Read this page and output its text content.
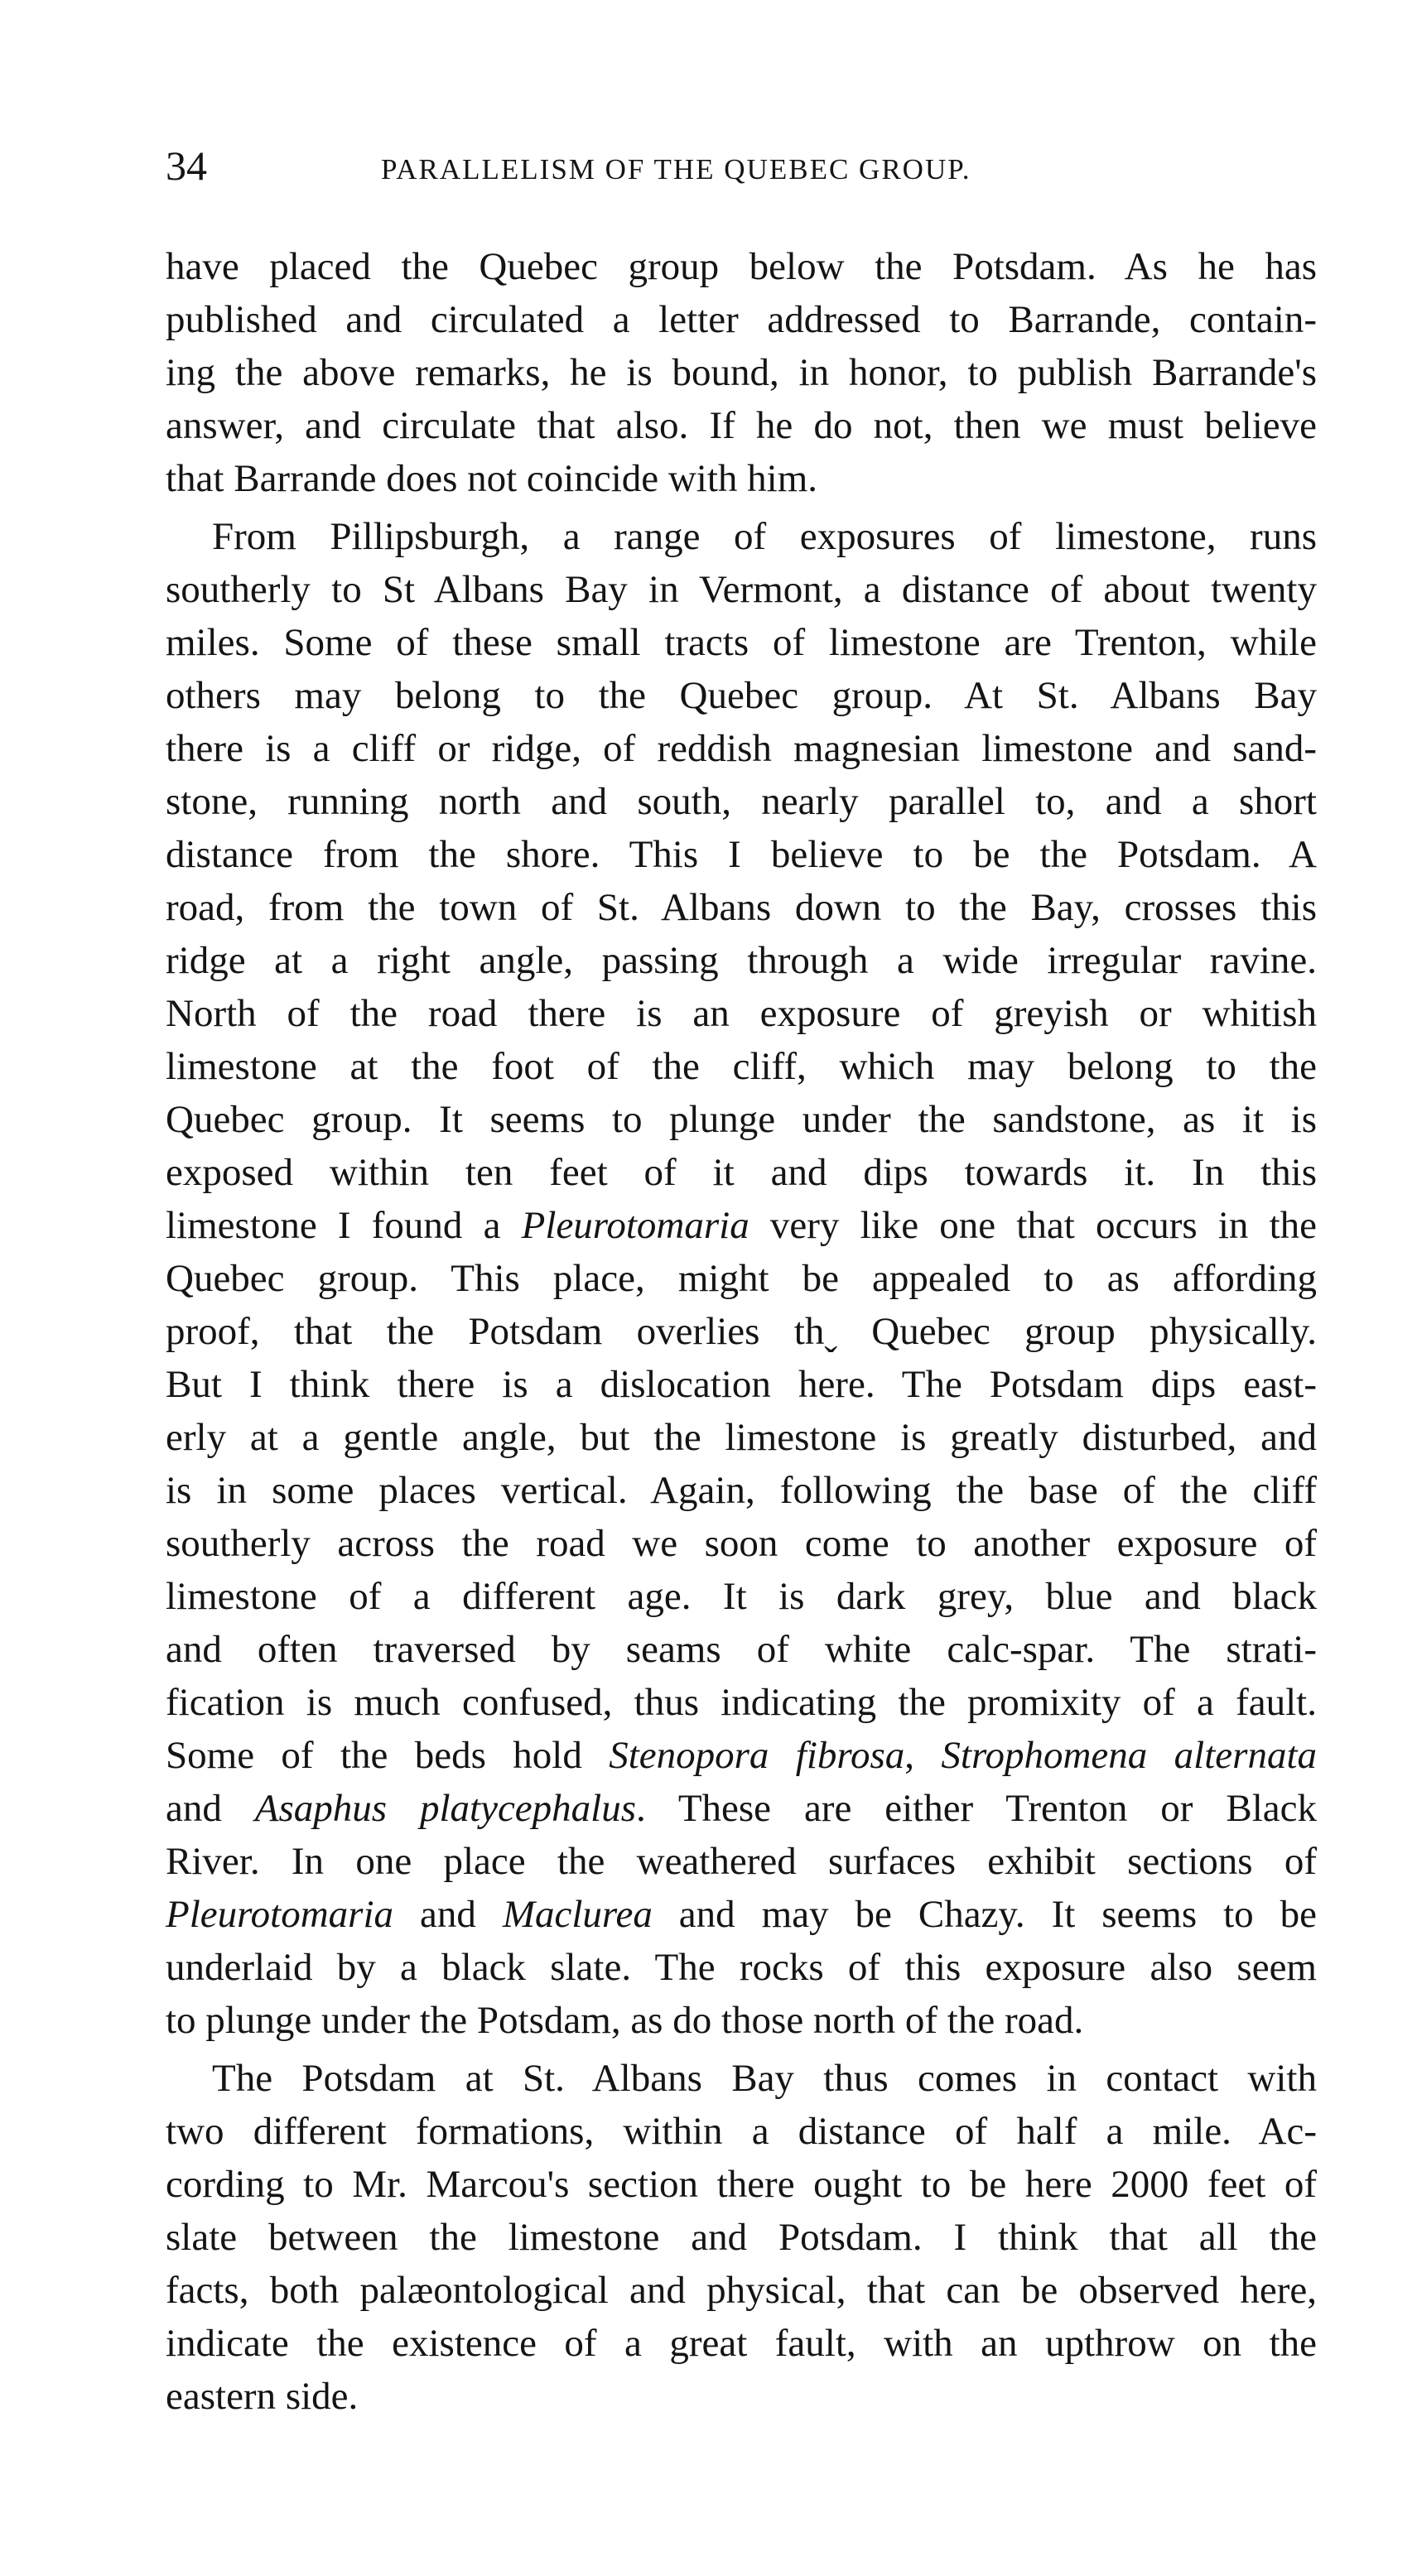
34	PARALLELISM OF THE QUEBEC GROUP.
have placed the Quebec group below the Potsdam. As he has
published and circulated a letter addressed to Barrande, contain-
ing the above remarks, he is bound, in honor, to publish Barrande's
answer, and circulate that also. If he do not, then we must believe
that Barrande does not coincide with him.
From Pillipsburgh, a range of exposures of limestone, runs
southerly to St Albans Bay in Vermont, a distance of about twenty
miles. Some of these small tracts of limestone are Trenton, while
others may belong to the Quebec group. At St. Albans Bay
there is a cliff or ridge, of reddish magnesian limestone and sand-
stone, running north and south, nearly parallel to, and a short
distance from the shore. This I believe to be the Potsdam. A
road, from the town of St. Albans down to the Bay, crosses this
ridge at a right angle, passing through a wide irregular ravine.
North of the road there is an exposure of greyish or whitish
limestone at the foot of the cliff, which may belong to the
Quebec group. It seems to plunge under the sandstone, as it is
exposed within ten feet of it and dips towards it. In this
limestone I found a Pleurotomaria very like one that occurs in the
Quebec group. This place, might be appealed to as affording
proof, that the Potsdam overlies thˬ Quebec group physically.
But I think there is a dislocation here. The Potsdam dips east-
erly at a gentle angle, but the limestone is greatly disturbed, and
is in some places vertical. Again, following the base of the cliff
southerly across the road we soon come to another exposure of
limestone of a different age. It is dark grey, blue and black
and often traversed by seams of white calc-spar. The strati-
fication is much confused, thus indicating the promixity of a fault.
Some of the beds hold Stenopora fibrosa, Strophomena alternata
and Asaphus platycephalus. These are either Trenton or Black
River. In one place the weathered surfaces exhibit sections of
Pleurotomaria and Maclurea and may be Chazy. It seems to be
underlaid by a black slate. The rocks of this exposure also seem
to plunge under the Potsdam, as do those north of the road.
The Potsdam at St. Albans Bay thus comes in contact with
two different formations, within a distance of half a mile. Ac-
cording to Mr. Marcou's section there ought to be here 2000 feet of
slate between the limestone and Potsdam. I think that all the
facts, both palæontological and physical, that can be observed here,
indicate the existence of a great fault, with an upthrow on the
eastern side.
